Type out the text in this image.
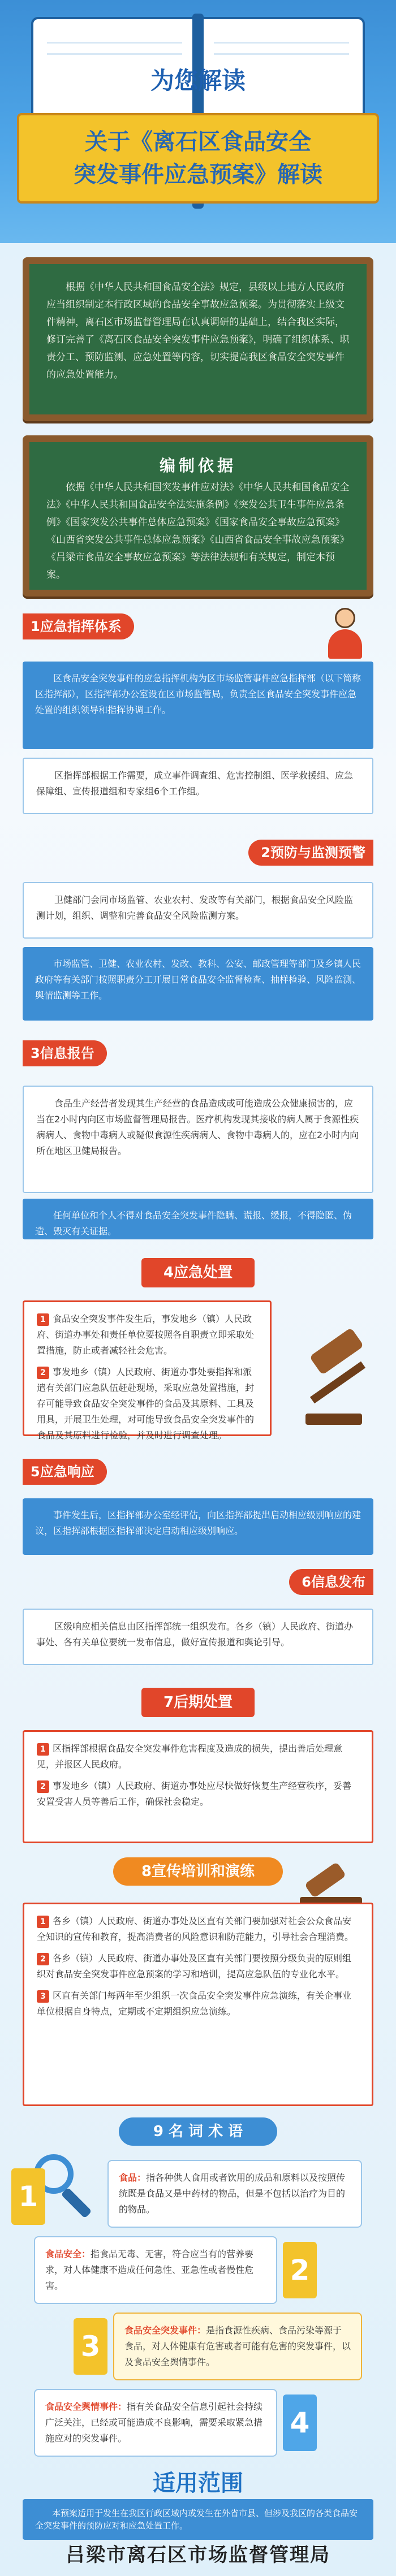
为您解读
关于《离石区食品安全
突发事件应急预案》解读

根据《中华人民共和国食品安全法》规定，县级以上地方人民政府应当组织制定本行政区域的食品安全事故应急预案。为贯彻落实上级文件精神，离石区市场监督管理局在认真调研的基础上，结合我区实际，修订完善了《离石区食品安全突发事件应急预案》，明确了组织体系、职责分工、预防监测、应急处置等内容，切实提高我区食品安全突发事件的应急处置能力。

编制依据

依据《中华人民共和国突发事件应对法》《中华人民共和国食品安全法》《中华人民共和国食品安全法实施条例》《突发公共卫生事件应急条例》《国家突发公共事件总体应急预案》《国家食品安全事故应急预案》《山西省突发公共事件总体应急预案》《山西省食品安全事故应急预案》《吕梁市食品安全事故应急预案》等法律法规和有关规定，制定本预案。

1应急指挥体系
区食品安全突发事件的应急指挥机构为区市场监管事件应急指挥部（以下简称区指挥部），区指挥部办公室设在区市场监管局，负责全区食品安全突发事件应急处置的组织领导和指挥协调工作。
区指挥部根据工作需要，成立事件调查组、危害控制组、医学救援组、应急保障组、宣传报道组和专家组6个工作组。
2预防与监测预警
卫健部门会同市场监管、农业农村、发改等有关部门，根据食品安全风险监测计划，组织、调整和完善食品安全风险监测方案。
市场监管、卫健、农业农村、发改、教科、公安、邮政管理等部门及乡镇人民政府等有关部门按照职责分工开展日常食品安全监督检查、抽样检验、风险监测、舆情监测等工作。
3信息报告
食品生产经营者发现其生产经营的食品造成或可能造成公众健康损害的，应当在2小时内向区市场监督管理局报告。医疗机构发现其接收的病人属于食源性疾病病人、食物中毒病人或疑似食源性疾病病人、食物中毒病人的，应在2小时内向所在地区卫健局报告。
任何单位和个人不得对食品安全突发事件隐瞒、谎报、缓报，不得隐匿、伪造、毁灭有关证据。
4应急处置
1 食品安全突发事件发生后，事发地乡（镇）人民政府、街道办事处和责任单位要按照各自职责立即采取处置措施，防止或者减轻社会危害。
2 事发地乡（镇）人民政府、街道办事处要指挥和派遣有关部门应急队伍赶赴现场，采取应急处置措施，封存可能导致食品安全突发事件的食品及其原料、工具及用具，开展卫生处理，对可能导致食品安全突发事件的食品及其原料进行检验，并及时进行调查处理。
5应急响应
事件发生后，区指挥部办公室经评估，向区指挥部提出启动相应级别响应的建议，区指挥部根据区指挥部决定启动相应级别响应。
6信息发布
区级响应相关信息由区指挥部统一组织发布。各乡（镇）人民政府、街道办事处、各有关单位要统一发布信息，做好宣传报道和舆论引导。
7后期处置
1 区指挥部根据食品安全突发事件危害程度及造成的损失，提出善后处理意见，并报区人民政府。
2 事发地乡（镇）人民政府、街道办事处应尽快做好恢复生产经营秩序，妥善安置受害人员等善后工作，确保社会稳定。
8宣传培训和演练
1 各乡（镇）人民政府、街道办事处及区直有关部门要加强对社会公众食品安全知识的宣传和教育，提高消费者的风险意识和防范能力，引导社会合理消费。
2 各乡（镇）人民政府、街道办事处及区直有关部门要按照分级负责的原则组织对食品安全突发事件应急预案的学习和培训，提高应急队伍的专业化水平。
3 区直有关部门每两年至少组织一次食品安全突发事件应急演练，有关企事业单位根据自身特点，定期或不定期组织应急演练。
9 名 词 术 语
食品：指各种供人食用或者饮用的成品和原料以及按照传统既是食品又是中药材的物品，但是不包括以治疗为目的的物品。
1
食品安全：指食品无毒、无害，符合应当有的营养要求，对人体健康不造成任何急性、亚急性或者慢性危害。	2
食品安全突发事件：是指食源性疾病、食品污染等源于食品，对人体健康有危害或者可能有危害的突发事件，以及食品安全舆情事件。
3
食品安全舆情事件：指有关食品安全信息引起社会持续广泛关注，已经或可能造成不良影响，需要采取紧急措施应对的突发事件。	4
适用范围
本预案适用于发生在我区行政区域内或发生在外省市县、但涉及我区的各类食品安全突发事件的预防应对和应急处置工作。
吕梁市离石区市场监督管理局
